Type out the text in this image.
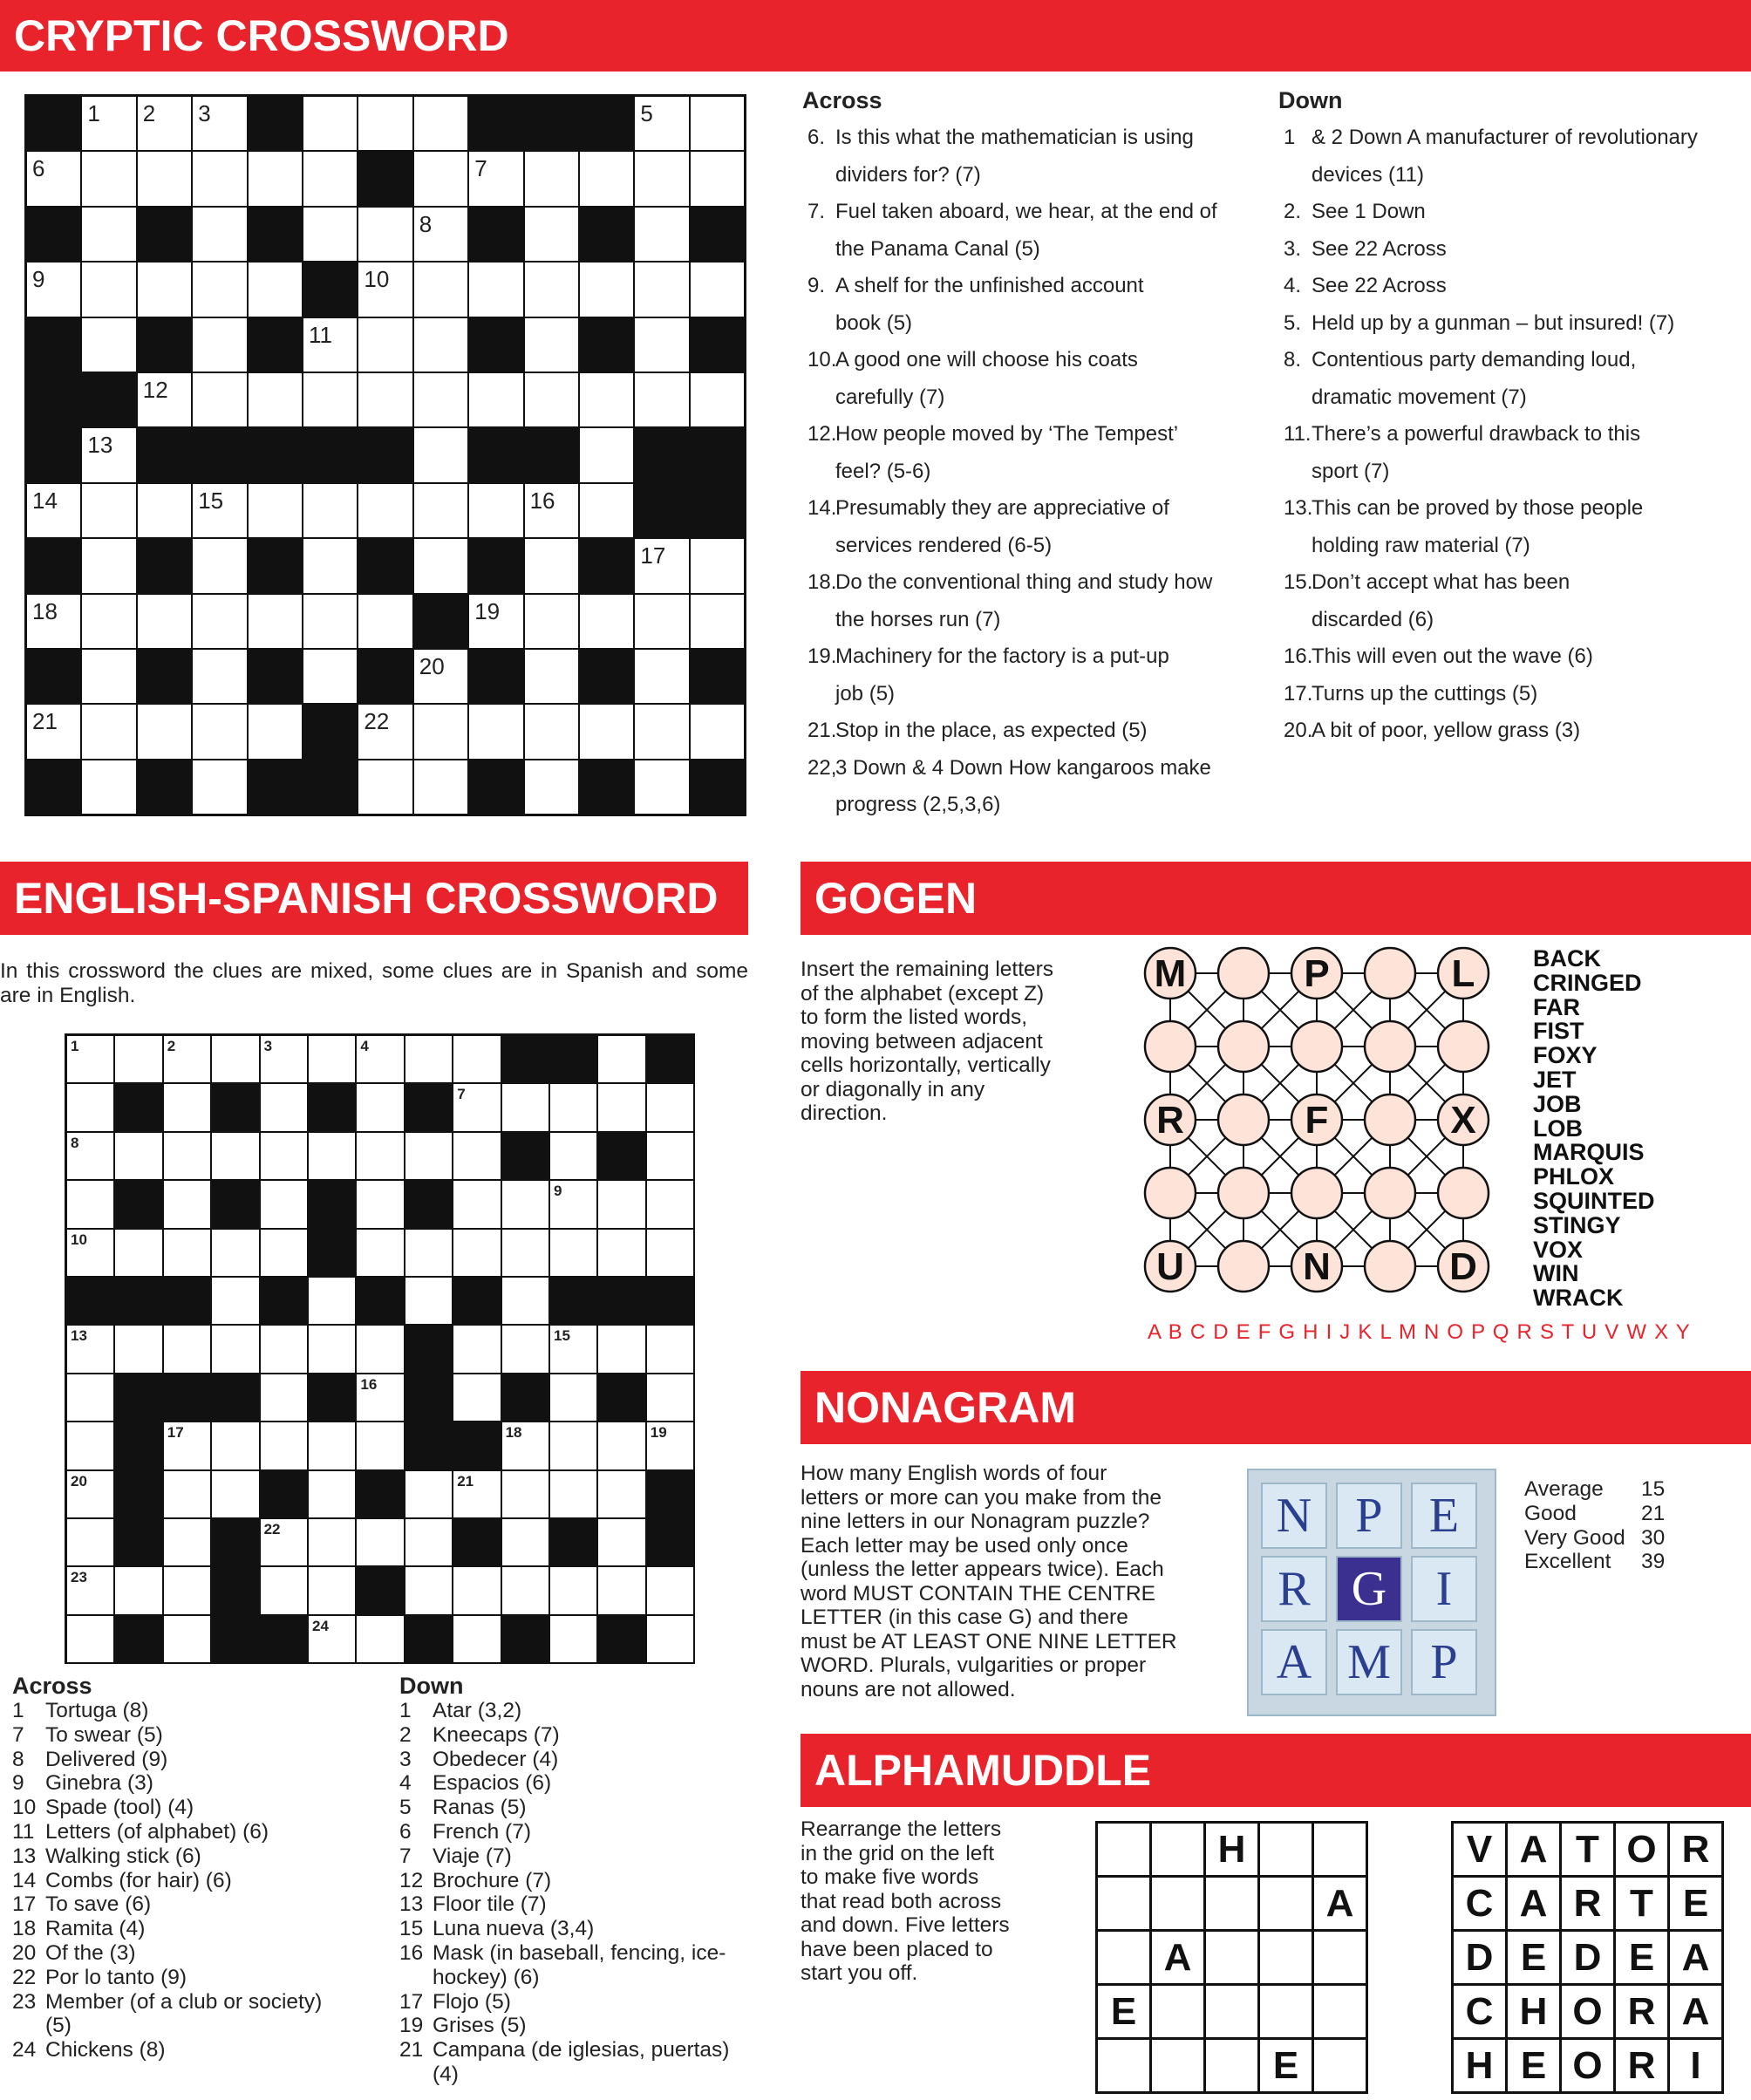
CRYPTIC CROSSWORD
1 2 3	5
6	7
8
9	10
11
12
13
14	15	16
17
18	19
20
21	22
Across
6. Is this what the mathematician is using
dividers for? (7)
7. Fuel taken aboard, we hear, at the end of
the Panama Canal (5)
9. A shelf for the unfinished account
book (5)
10.
A good one will choose his coats
carefully (7)
12.
How people moved by ‘The Tempest’
feel? (5-6)
14.
Presumably they are appreciative of
services rendered (6-5)
18.
Do the conventional thing and study how
the horses run (7)
19.
Machinery for the factory is a put-up
job (5)
21.
Stop in the place, as expected (5)
22,
3 Down & 4 Down How kangaroos make
progress (2,5,3,6)
Down
1 & 2 Down A manufacturer of revolutionary
devices (11)
2. See 1 Down
3. See 22 Across
4. See 22 Across
5. Held up by a gunman – but insured! (7)
8. Contentious party demanding loud,
dramatic movement (7)
11. There’s a powerful drawback to this
sport (7)
13.
This can be proved by those people
holding raw material (7)
15.
Don’t accept what has been
discarded (6)
16.
This will even out the wave (6)
17.
Turns up the cuttings (5)
20.
A bit of poor, yellow grass (3)
ENGLISH-SPANISH CROSSWORD
In this crossword the clues are mixed, some clues are in Spanish and some are in English.
1	2	3	4
7
8
9
10
13	15
16
17	18	19
20	21
22
23
24
Across
1 Tortuga (8)
7 To swear (5)
8 Delivered (9)
9 Ginebra (3)
10 Spade (tool) (4)
11 Letters (of alphabet) (6)
13 Walking stick (6)
14 Combs (for hair) (6)
17 To save (6)
18 Ramita (4)
20 Of the (3)
22 Por lo tanto (9)
23 Member (of a club or society)
(5)
24 Chickens (8)
Down
1 Atar (3,2)
2 Kneecaps (7)
3 Obedecer (4)
4 Espacios (6)
5 Ranas (5)
6 French (7)
7 Viaje (7)
12 Brochure (7)
13 Floor tile (7)
15 Luna nueva (3,4)
16 Mask (in baseball, fencing, ice-
hockey) (6)
17 Flojo (5)
19 Grises (5)
21 Campana (de iglesias, puertas)
(4)
GOGEN
Insert the remaining letters
of the alphabet (except Z)
to form the listed words,
moving between adjacent
cells horizontally, vertically
or diagonally in any
direction.
M	P	L
R	F	X
U	N	D
BACK
CRINGED
FAR
FIST
FOXY
JET
JOB
LOB
MARQUIS
PHLOX
SQUINTED
STINGY
VOX
WIN
WRACK
A B C D E F G H I J K L M N O P Q R S T U V W X Y
NONAGRAM
How many English words of four
letters or more can you make from the
nine letters in our Nonagram puzzle?
Each letter may be used only once
(unless the letter appears twice). Each
word MUST CONTAIN THE CENTRE
LETTER (in this case G) and there
must be AT LEAST ONE NINE LETTER
WORD. Plurals, vulgarities or proper
nouns are not allowed.
N P E
R G	I
A M P
Average	15
Good	21
Very Good 30
Excellent	39
ALPHAMUDDLE
Rearrange the letters
in the grid on the left
to make five words
that read both across
and down. Five letters
have been placed to
start you off.
H
A
A
E
E
V A T O R
C A R T E
D E D E A
C H O R A
H E O R I
